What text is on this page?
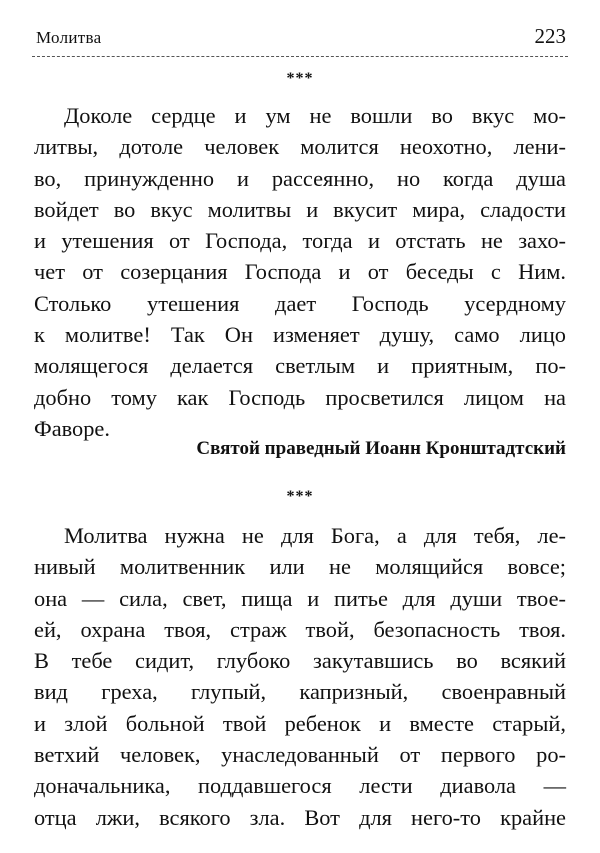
Молитва	223
***
Доколе сердце и ум не вошли во вкус мо-
литвы, дотоле человек молится неохотно, лени-
во, принужденно и рассеянно, но когда душа
войдет во вкус молитвы и вкусит мира, сладости
и утешения от Господа, тогда и отстать не захо-
чет от созерцания Господа и от беседы с Ним.
Столько утешения дает Господь усердному
к молитве! Так Он изменяет душу, само лицо
молящегося делается светлым и приятным, по-
добно тому как Господь просветился лицом на
Фаворе.
Святой праведный Иоанн Кронштадтский
***
Молитва нужна не для Бога, а для тебя, ле-
нивый молитвенник или не молящийся вовсе;
она — сила, свет, пища и питье для души твое-
ей, охрана твоя, страж твой, безопасность твоя.
В тебе сидит, глубоко закутавшись во всякий
вид греха, глупый, капризный, своенравный
и злой больной твой ребенок и вместе старый,
ветхий человек, унаследованный от первого ро-
доначальника, поддавшегося лести диавола —
отца лжи, всякого зла. Вот для него-то крайне
